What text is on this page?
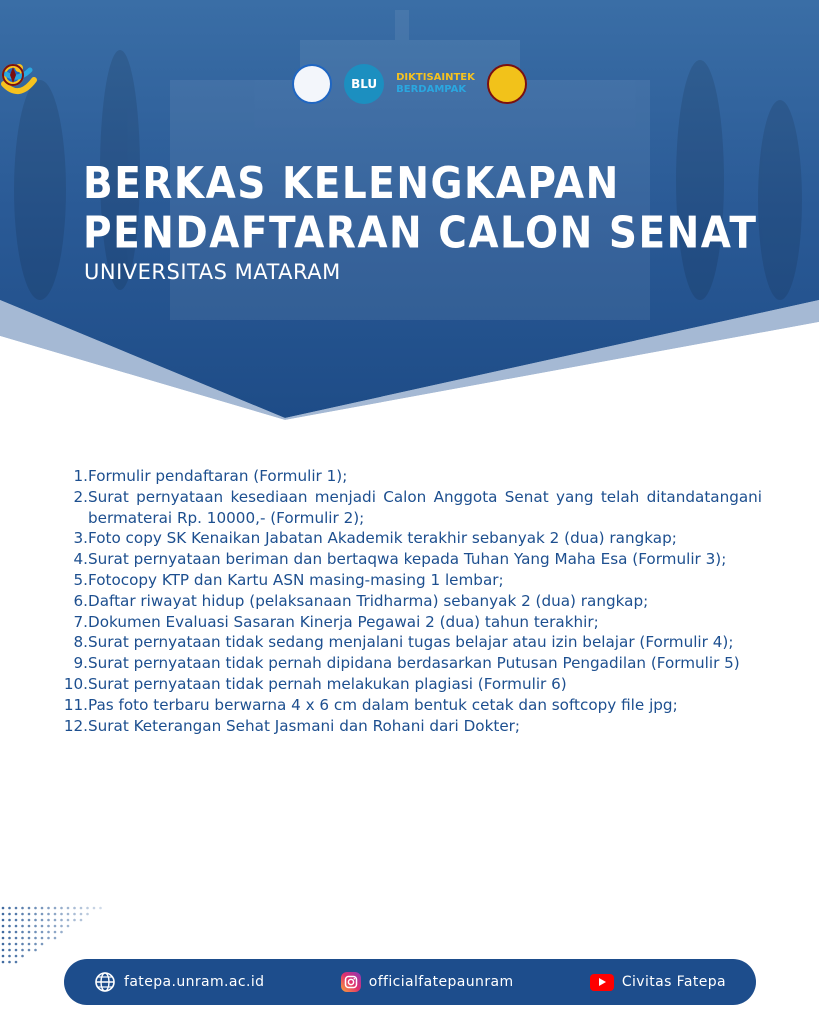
BLU DIKTISAINTEK
BERDAMPAK
BERKAS KELENGKAPAN
PENDAFTARAN CALON SENAT
UNIVERSITAS MATARAM
1. Formulir pendaftaran (Formulir 1);
2. Surat pernyataan kesediaan menjadi Calon Anggota Senat yang telah ditandatangani bermaterai Rp. 10000,- (Formulir 2);
3. Foto copy SK Kenaikan Jabatan Akademik terakhir sebanyak 2 (dua) rangkap;
4. Surat pernyataan beriman dan bertaqwa kepada Tuhan Yang Maha Esa (Formulir 3);
5. Fotocopy KTP dan Kartu ASN masing-masing 1 lembar;
6. Daftar riwayat hidup (pelaksanaan Tridharma) sebanyak 2 (dua) rangkap;
7. Dokumen Evaluasi Sasaran Kinerja Pegawai 2 (dua) tahun terakhir;
8. Surat pernyataan tidak sedang menjalani tugas belajar atau izin belajar (Formulir 4);
9. Surat pernyataan tidak pernah dipidana berdasarkan Putusan Pengadilan (Formulir 5)
10. Surat pernyataan tidak pernah melakukan plagiasi (Formulir 6)
11. Pas foto terbaru berwarna 4 x 6 cm dalam bentuk cetak dan softcopy file jpg;
12. Surat Keterangan Sehat Jasmani dan Rohani dari Dokter;
fatepa.unram.ac.id	officialfatepaunram	Civitas Fatepa
